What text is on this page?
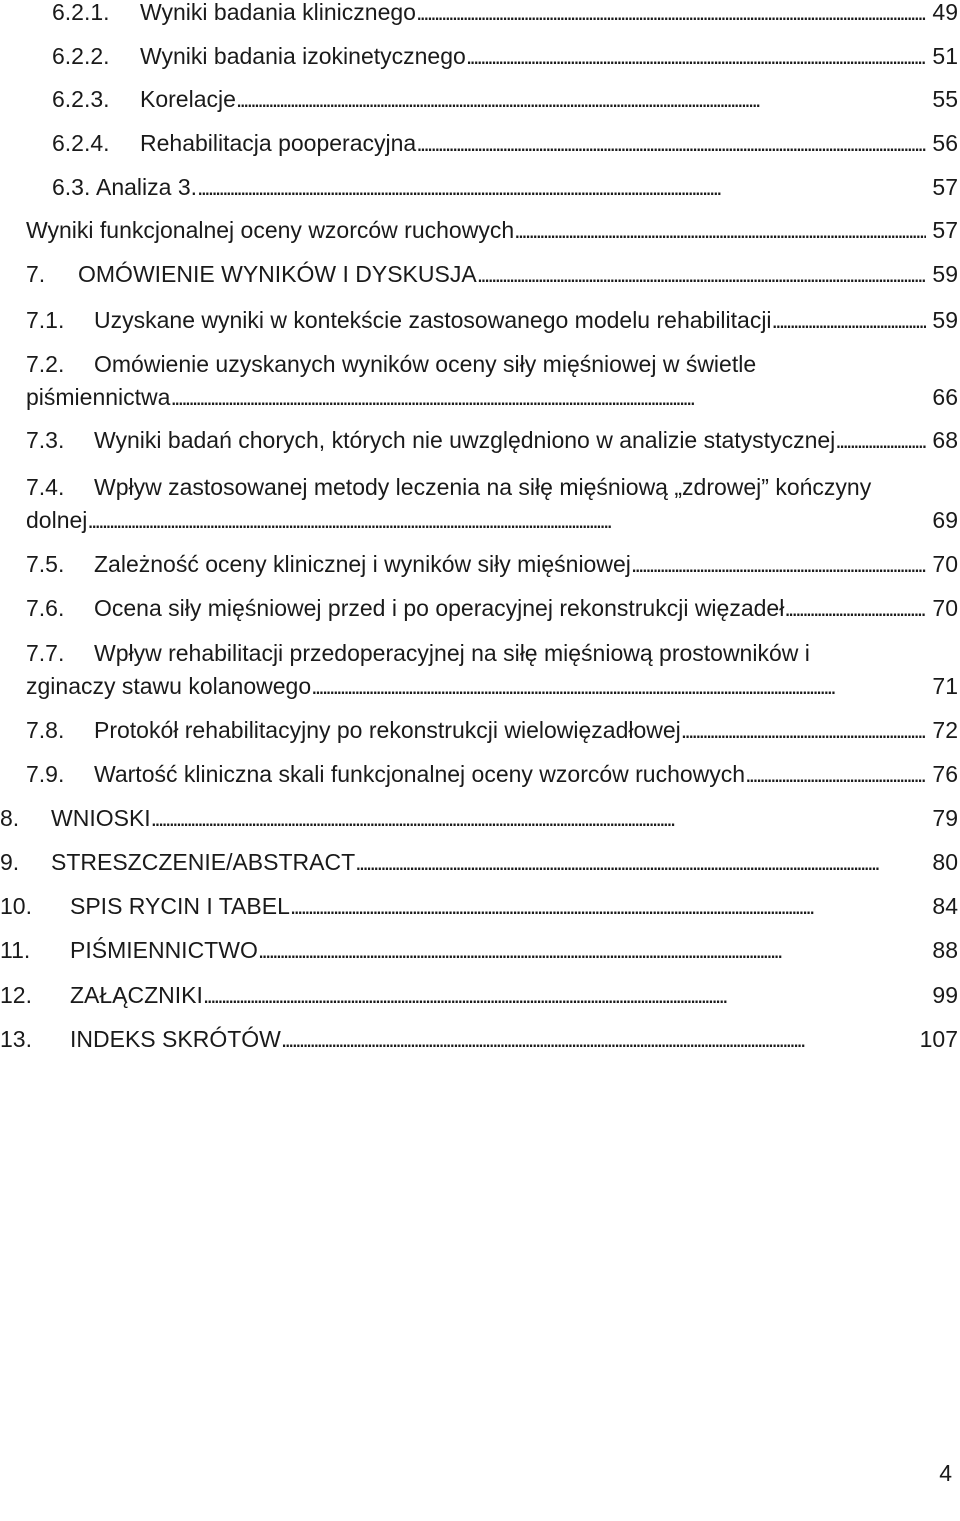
6.2.1. Wyniki badania klinicznego . . .	49
6.2.2. Wyniki badania izokinetycznego . . .	51
6.2.3. Korelacje . . .	55
6.2.4. Rehabilitacja pooperacyjna . . .	56
6.3. Analiza 3. . . .	57
Wyniki funkcjonalnej oceny wzorców ruchowych . . .	57
7. OMÓWIENIE WYNIKÓW I DYSKUSJA . . .	59
7.1. Uzyskane wyniki w kontekście zastosowanego modelu rehabilitacji . . .	59
7.2. Omówienie uzyskanych wyników oceny siły mięśniowej w świetle
piśmiennictwa . . .	66
7.3. Wyniki badań chorych, których nie uwzględniono w analizie statystycznej . . .	68
7.4. Wpływ zastosowanej metody leczenia na siłę mięśniową „zdrowej” kończyny
dolnej . . .	69
7.5. Zależność oceny klinicznej i wyników siły mięśniowej . . .	70
7.6. Ocena siły mięśniowej przed i po operacyjnej rekonstrukcji więzadeł . . .	70
7.7. Wpływ rehabilitacji przedoperacyjnej na siłę mięśniową prostowników i
zginaczy stawu kolanowego . . .	71
7.8. Protokół rehabilitacyjny po rekonstrukcji wielowięzadłowej . . .	72
7.9. Wartość kliniczna skali funkcjonalnej oceny wzorców ruchowych . . .	76
8. WNIOSKI . . .	79
9. STRESZCZENIE/ABSTRACT . . .	80
10. SPIS RYCIN I TABEL . . .	84
11. PIŚMIENNICTWO . . .	88
12. ZAŁĄCZNIKI . . .	99
13. INDEKS SKRÓTÓW . . .	107
4
